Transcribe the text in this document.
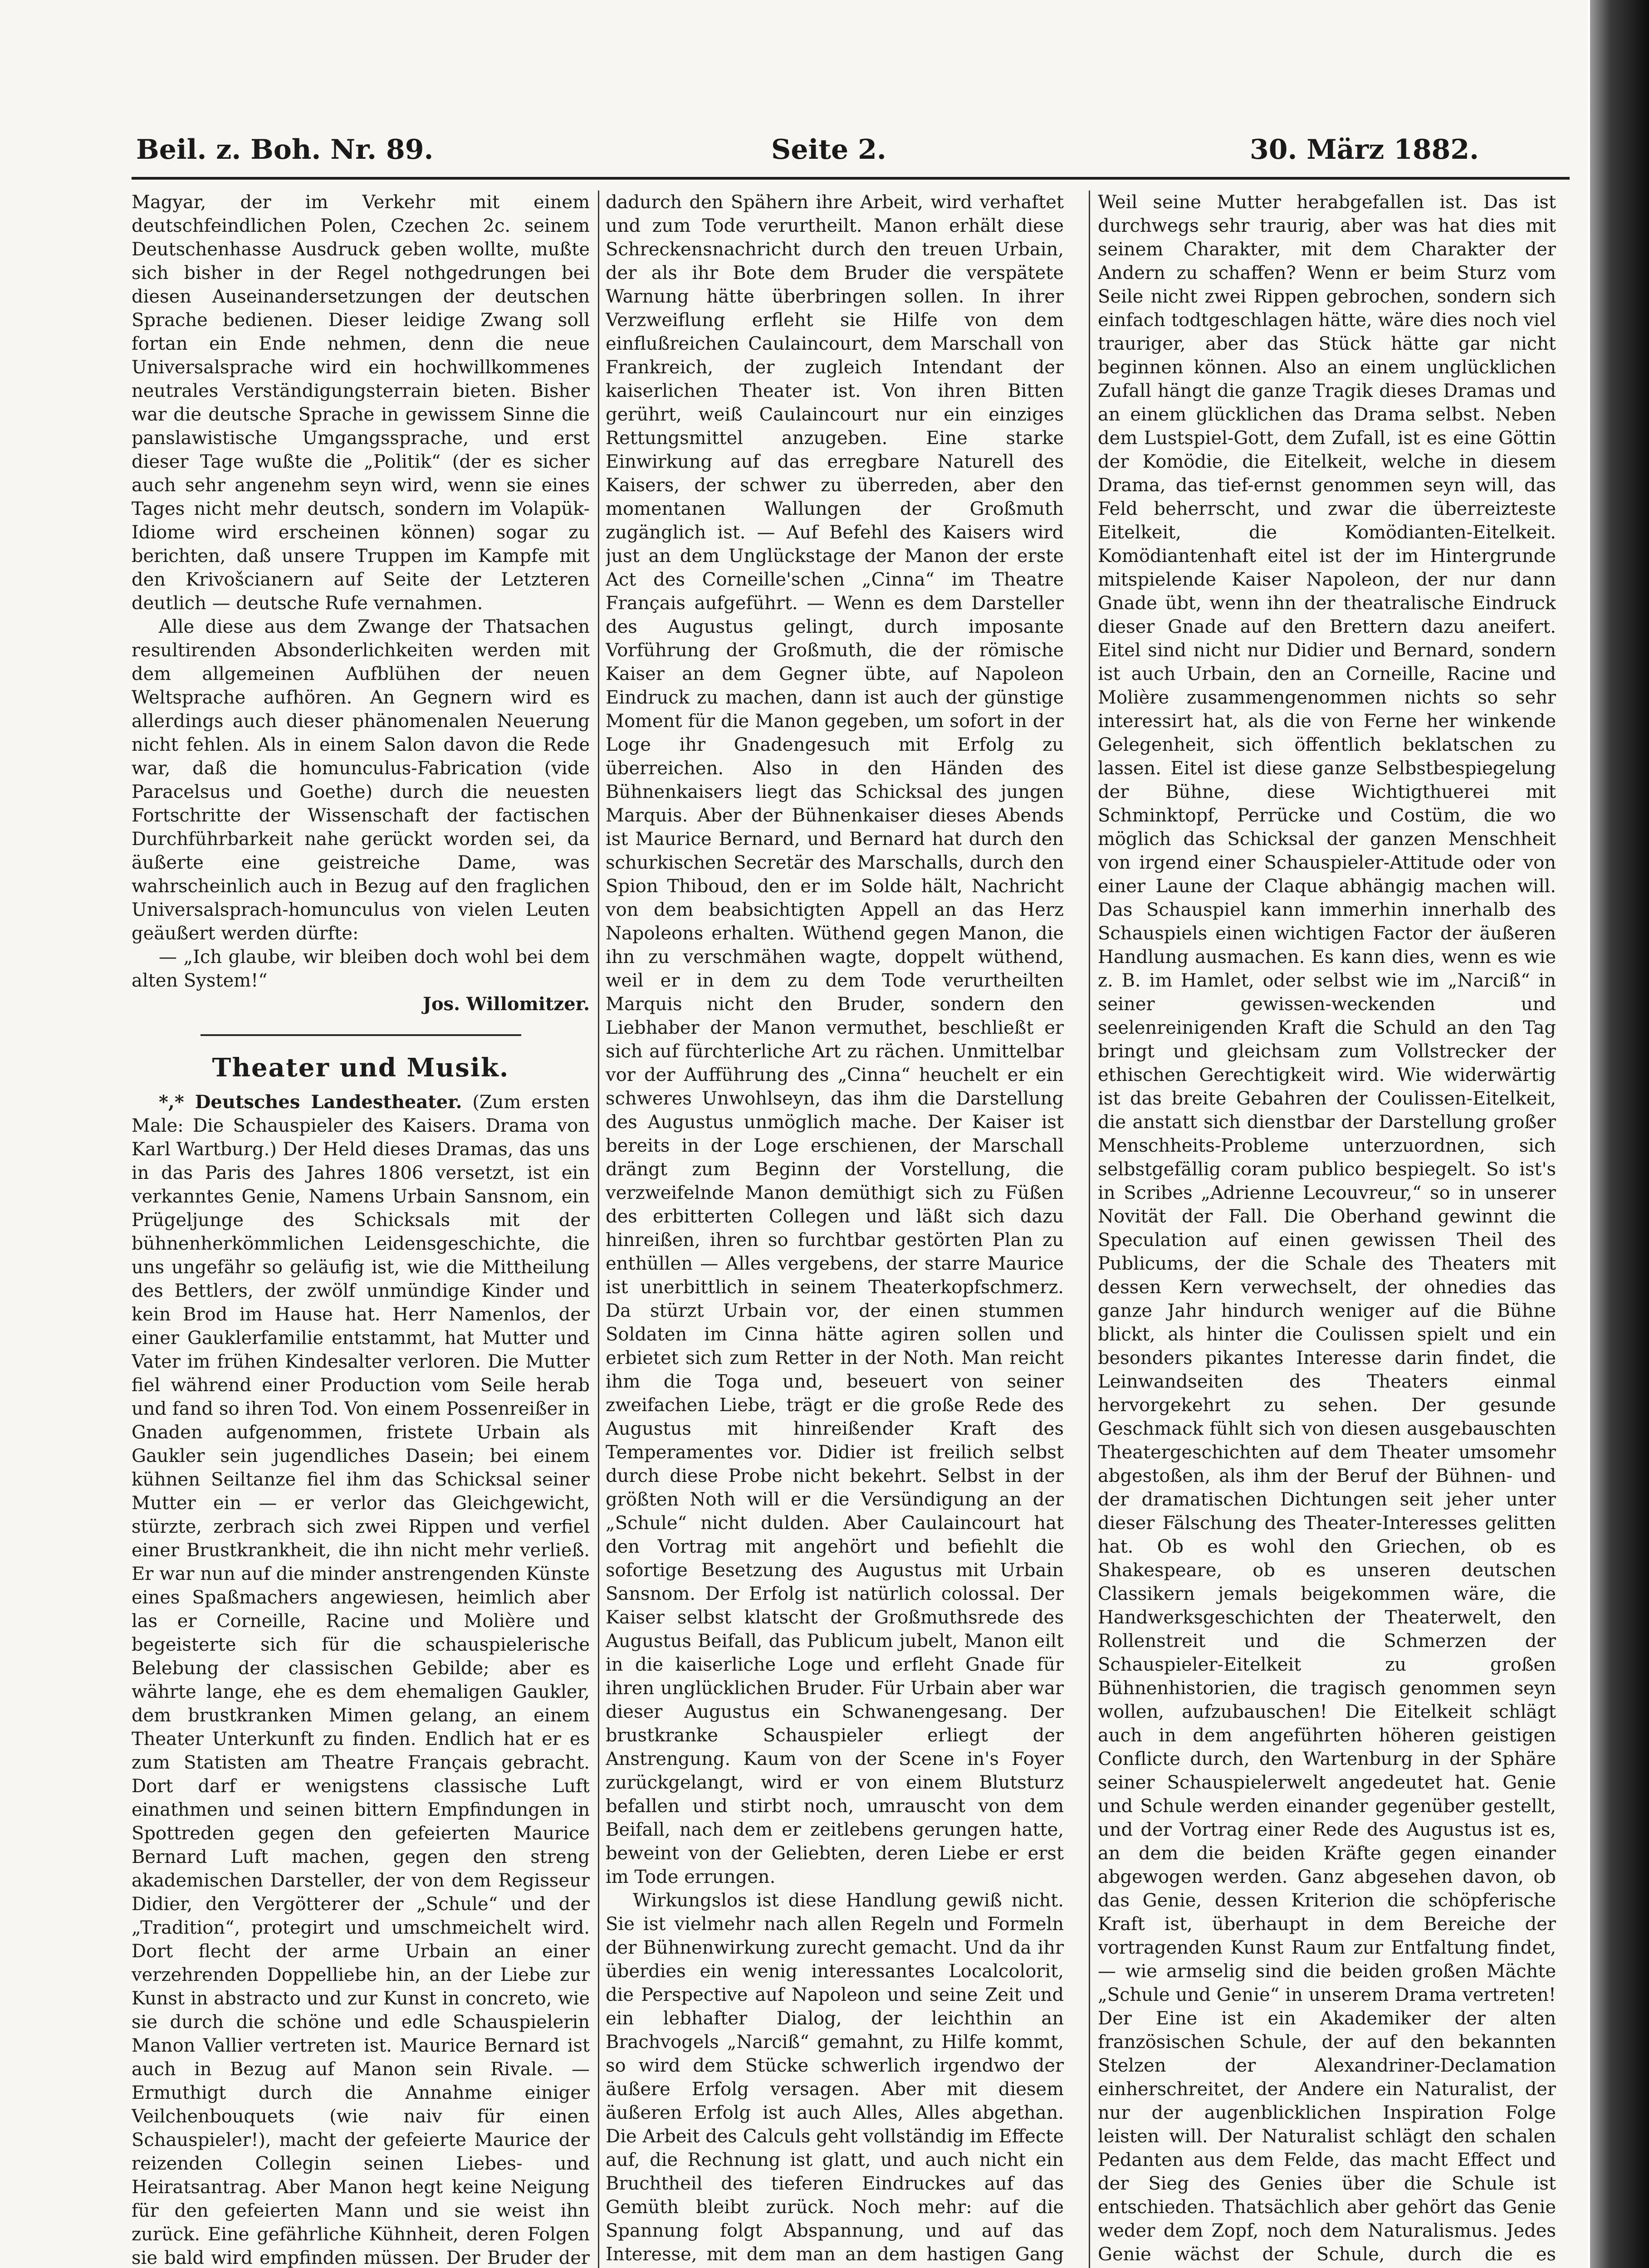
Beil. z. Boh. Nr. 89.	Seite 2.	30. März 1882.

Magyar, der im Verkehr mit einem deutschfeindlichen Polen, Czechen 2c. seinem Deutschenhasse Ausdruck geben wollte, mußte sich bisher in der Regel nothgedrungen bei diesen Auseinandersetzungen der deutschen Sprache bedienen. Dieser leidige Zwang soll fortan ein Ende nehmen, denn die neue Universalsprache wird ein hochwillkommenes neutrales Verständigungsterrain bieten. Bisher war die deutsche Sprache in gewissem Sinne die panslawistische Umgangssprache, und erst dieser Tage wußte die „Politik“ (der es sicher auch sehr angenehm seyn wird, wenn sie eines Tages nicht mehr deutsch, sondern im Volapük-Idiome wird erscheinen können) sogar zu berichten, daß unsere Truppen im Kampfe mit den Krivošcianern auf Seite der Letzteren deutlich — deutsche Rufe vernahmen.

Alle diese aus dem Zwange der Thatsachen resultirenden Absonderlichkeiten werden mit dem allgemeinen Aufblühen der neuen Weltsprache aufhören. An Gegnern wird es allerdings auch dieser phänomenalen Neuerung nicht fehlen. Als in einem Salon davon die Rede war, daß die homunculus-Fabrication (vide Paracelsus und Goethe) durch die neuesten Fortschritte der Wissenschaft der factischen Durchführbarkeit nahe gerückt worden sei, da äußerte eine geistreiche Dame, was wahrscheinlich auch in Bezug auf den fraglichen Universalsprach-homunculus von vielen Leuten geäußert werden dürfte:

— „Ich glaube, wir bleiben doch wohl bei dem alten System!“

Jos. Willomitzer.

Theater und Musik.

*,* Deutsches Landestheater. (Zum ersten Male: Die Schauspieler des Kaisers. Drama von Karl Wartburg.) Der Held dieses Dramas, das uns in das Paris des Jahres 1806 versetzt, ist ein verkanntes Genie, Namens Urbain Sansnom, ein Prügeljunge des Schicksals mit der bühnenherkömmlichen Leidensgeschichte, die uns ungefähr so geläufig ist, wie die Mittheilung des Bettlers, der zwölf unmündige Kinder und kein Brod im Hause hat. Herr Namenlos, der einer Gauklerfamilie entstammt, hat Mutter und Vater im frühen Kindesalter verloren. Die Mutter fiel während einer Production vom Seile herab und fand so ihren Tod. Von einem Possenreißer in Gnaden aufgenommen, fristete Urbain als Gaukler sein jugendliches Dasein; bei einem kühnen Seiltanze fiel ihm das Schicksal seiner Mutter ein — er verlor das Gleichgewicht, stürzte, zerbrach sich zwei Rippen und verfiel einer Brustkrankheit, die ihn nicht mehr verließ. Er war nun auf die minder anstrengenden Künste eines Spaßmachers angewiesen, heimlich aber las er Corneille, Racine und Molière und begeisterte sich für die schauspielerische Belebung der classischen Gebilde; aber es währte lange, ehe es dem ehemaligen Gaukler, dem brustkranken Mimen gelang, an einem Theater Unterkunft zu finden. Endlich hat er es zum Statisten am Theatre Français gebracht. Dort darf er wenigstens classische Luft einathmen und seinen bittern Empfindungen in Spottreden gegen den gefeierten Maurice Bernard Luft machen, gegen den streng akademischen Darsteller, der von dem Regisseur Didier, den Vergötterer der „Schule“ und der „Tradition“, protegirt und umschmeichelt wird. Dort flecht der arme Urbain an einer verzehrenden Doppelliebe hin, an der Liebe zur Kunst in abstracto und zur Kunst in concreto, wie sie durch die schöne und edle Schauspielerin Manon Vallier vertreten ist. Maurice Bernard ist auch in Bezug auf Manon sein Rivale. — Ermuthigt durch die Annahme einiger Veilchenbouquets (wie naiv für einen Schauspieler!), macht der gefeierte Maurice der reizenden Collegin seinen Liebes- und Heiratsantrag. Aber Manon hegt keine Neigung für den gefeierten Mann und sie weist ihn zurück. Eine gefährliche Kühnheit, deren Folgen sie bald wird empfinden müssen. Der Bruder der

dadurch den Spähern ihre Arbeit, wird verhaftet und zum Tode verurtheilt. Manon erhält diese Schreckensnachricht durch den treuen Urbain, der als ihr Bote dem Bruder die verspätete Warnung hätte überbringen sollen. In ihrer Verzweiflung erfleht sie Hilfe von dem einflußreichen Caulaincourt, dem Marschall von Frankreich, der zugleich Intendant der kaiserlichen Theater ist. Von ihren Bitten gerührt, weiß Caulaincourt nur ein einziges Rettungsmittel anzugeben. Eine starke Einwirkung auf das erregbare Naturell des Kaisers, der schwer zu überreden, aber den momentanen Wallungen der Großmuth zugänglich ist. — Auf Befehl des Kaisers wird just an dem Unglückstage der Manon der erste Act des Corneille'schen „Cinna“ im Theatre Français aufgeführt. — Wenn es dem Darsteller des Augustus gelingt, durch imposante Vorführung der Großmuth, die der römische Kaiser an dem Gegner übte, auf Napoleon Eindruck zu machen, dann ist auch der günstige Moment für die Manon gegeben, um sofort in der Loge ihr Gnadengesuch mit Erfolg zu überreichen. Also in den Händen des Bühnenkaisers liegt das Schicksal des jungen Marquis. Aber der Bühnenkaiser dieses Abends ist Maurice Bernard, und Bernard hat durch den schurkischen Secretär des Marschalls, durch den Spion Thiboud, den er im Solde hält, Nachricht von dem beabsichtigten Appell an das Herz Napoleons erhalten. Wüthend gegen Manon, die ihn zu verschmähen wagte, doppelt wüthend, weil er in dem zu dem Tode verurtheilten Marquis nicht den Bruder, sondern den Liebhaber der Manon vermuthet, beschließt er sich auf fürchterliche Art zu rächen. Unmittelbar vor der Aufführung des „Cinna“ heuchelt er ein schweres Unwohlseyn, das ihm die Darstellung des Augustus unmöglich mache. Der Kaiser ist bereits in der Loge erschienen, der Marschall drängt zum Beginn der Vorstellung, die verzweifelnde Manon demüthigt sich zu Füßen des erbitterten Collegen und läßt sich dazu hinreißen, ihren so furchtbar gestörten Plan zu enthüllen — Alles vergebens, der starre Maurice ist unerbittlich in seinem Theaterkopfschmerz. Da stürzt Urbain vor, der einen stummen Soldaten im Cinna hätte agiren sollen und erbietet sich zum Retter in der Noth. Man reicht ihm die Toga und, beseuert von seiner zweifachen Liebe, trägt er die große Rede des Augustus mit hinreißender Kraft des Temperamentes vor. Didier ist freilich selbst durch diese Probe nicht bekehrt. Selbst in der größten Noth will er die Versündigung an der „Schule“ nicht dulden. Aber Caulaincourt hat den Vortrag mit angehört und befiehlt die sofortige Besetzung des Augustus mit Urbain Sansnom. Der Erfolg ist natürlich colossal. Der Kaiser selbst klatscht der Großmuthsrede des Augustus Beifall, das Publicum jubelt, Manon eilt in die kaiserliche Loge und erfleht Gnade für ihren unglücklichen Bruder. Für Urbain aber war dieser Augustus ein Schwanengesang. Der brustkranke Schauspieler erliegt der Anstrengung. Kaum von der Scene in's Foyer zurückgelangt, wird er von einem Blutsturz befallen und stirbt noch, umrauscht von dem Beifall, nach dem er zeitlebens gerungen hatte, beweint von der Geliebten, deren Liebe er erst im Tode errungen.

Wirkungslos ist diese Handlung gewiß nicht. Sie ist vielmehr nach allen Regeln und Formeln der Bühnenwirkung zurecht gemacht. Und da ihr überdies ein wenig interessantes Localcolorit, die Perspective auf Napoleon und seine Zeit und ein lebhafter Dialog, der leichthin an Brachvogels „Narciß“ gemahnt, zu Hilfe kommt, so wird dem Stücke schwerlich irgendwo der äußere Erfolg versagen. Aber mit diesem äußeren Erfolg ist auch Alles, Alles abgethan. Die Arbeit des Calculs geht vollständig im Effecte auf, die Rechnung ist glatt, und auch nicht ein Bruchtheil des tieferen Eindruckes auf das Gemüth bleibt zurück. Noch mehr: auf die Spannung folgt Abspannung, und auf das Interesse, mit dem man an dem hastigen Gang

Weil seine Mutter herabgefallen ist. Das ist durchwegs sehr traurig, aber was hat dies mit seinem Charakter, mit dem Charakter der Andern zu schaffen? Wenn er beim Sturz vom Seile nicht zwei Rippen gebrochen, sondern sich einfach todtgeschlagen hätte, wäre dies noch viel trauriger, aber das Stück hätte gar nicht beginnen können. Also an einem unglücklichen Zufall hängt die ganze Tragik dieses Dramas und an einem glücklichen das Drama selbst. Neben dem Lustspiel-Gott, dem Zufall, ist es eine Göttin der Komödie, die Eitelkeit, welche in diesem Drama, das tief-ernst genommen seyn will, das Feld beherrscht, und zwar die überreizteste Eitelkeit, die Komödianten-Eitelkeit. Komödiantenhaft eitel ist der im Hintergrunde mitspielende Kaiser Napoleon, der nur dann Gnade übt, wenn ihn der theatralische Eindruck dieser Gnade auf den Brettern dazu aneifert. Eitel sind nicht nur Didier und Bernard, sondern ist auch Urbain, den an Corneille, Racine und Molière zusammengenommen nichts so sehr interessirt hat, als die von Ferne her winkende Gelegenheit, sich öffentlich beklatschen zu lassen. Eitel ist diese ganze Selbstbespiegelung der Bühne, diese Wichtigthuerei mit Schminktopf, Perrücke und Costüm, die wo möglich das Schicksal der ganzen Menschheit von irgend einer Schauspieler-Attitude oder von einer Laune der Claque abhängig machen will. Das Schauspiel kann immerhin innerhalb des Schauspiels einen wichtigen Factor der äußeren Handlung ausmachen. Es kann dies, wenn es wie z. B. im Hamlet, oder selbst wie im „Narciß“ in seiner gewissen-weckenden und seelenreinigenden Kraft die Schuld an den Tag bringt und gleichsam zum Vollstrecker der ethischen Gerechtigkeit wird. Wie widerwärtig ist das breite Gebahren der Coulissen-Eitelkeit, die anstatt sich dienstbar der Darstellung großer Menschheits-Probleme unterzuordnen, sich selbstgefällig coram publico bespiegelt. So ist's in Scribes „Adrienne Lecouvreur,“ so in unserer Novität der Fall. Die Oberhand gewinnt die Speculation auf einen gewissen Theil des Publicums, der die Schale des Theaters mit dessen Kern verwechselt, der ohnedies das ganze Jahr hindurch weniger auf die Bühne blickt, als hinter die Coulissen spielt und ein besonders pikantes Interesse darin findet, die Leinwandseiten des Theaters einmal hervorgekehrt zu sehen. Der gesunde Geschmack fühlt sich von diesen ausgebauschten Theatergeschichten auf dem Theater umsomehr abgestoßen, als ihm der Beruf der Bühnen- und der dramatischen Dichtungen seit jeher unter dieser Fälschung des Theater-Interesses gelitten hat. Ob es wohl den Griechen, ob es Shakespeare, ob es unseren deutschen Classikern jemals beigekommen wäre, die Handwerksgeschichten der Theaterwelt, den Rollenstreit und die Schmerzen der Schauspieler-Eitelkeit zu großen Bühnenhistorien, die tragisch genommen seyn wollen, aufzubauschen! Die Eitelkeit schlägt auch in dem angeführten höheren geistigen Conflicte durch, den Wartenburg in der Sphäre seiner Schauspielerwelt angedeutet hat. Genie und Schule werden einander gegenüber gestellt, und der Vortrag einer Rede des Augustus ist es, an dem die beiden Kräfte gegen einander abgewogen werden. Ganz abgesehen davon, ob das Genie, dessen Kriterion die schöpferische Kraft ist, überhaupt in dem Bereiche der vortragenden Kunst Raum zur Entfaltung findet, — wie armselig sind die beiden großen Mächte „Schule und Genie“ in unserem Drama vertreten! Der Eine ist ein Akademiker der alten französischen Schule, der auf den bekannten Stelzen der Alexandriner-Declamation einherschreitet, der Andere ein Naturalist, der nur der augenblicklichen Inspiration Folge leisten will. Der Naturalist schlägt den schalen Pedanten aus dem Felde, das macht Effect und der Sieg des Genies über die Schule ist entschieden. Thatsächlich aber gehört das Genie weder dem Zopf, noch dem Naturalismus. Jedes Genie wächst der Schule, durch die es
